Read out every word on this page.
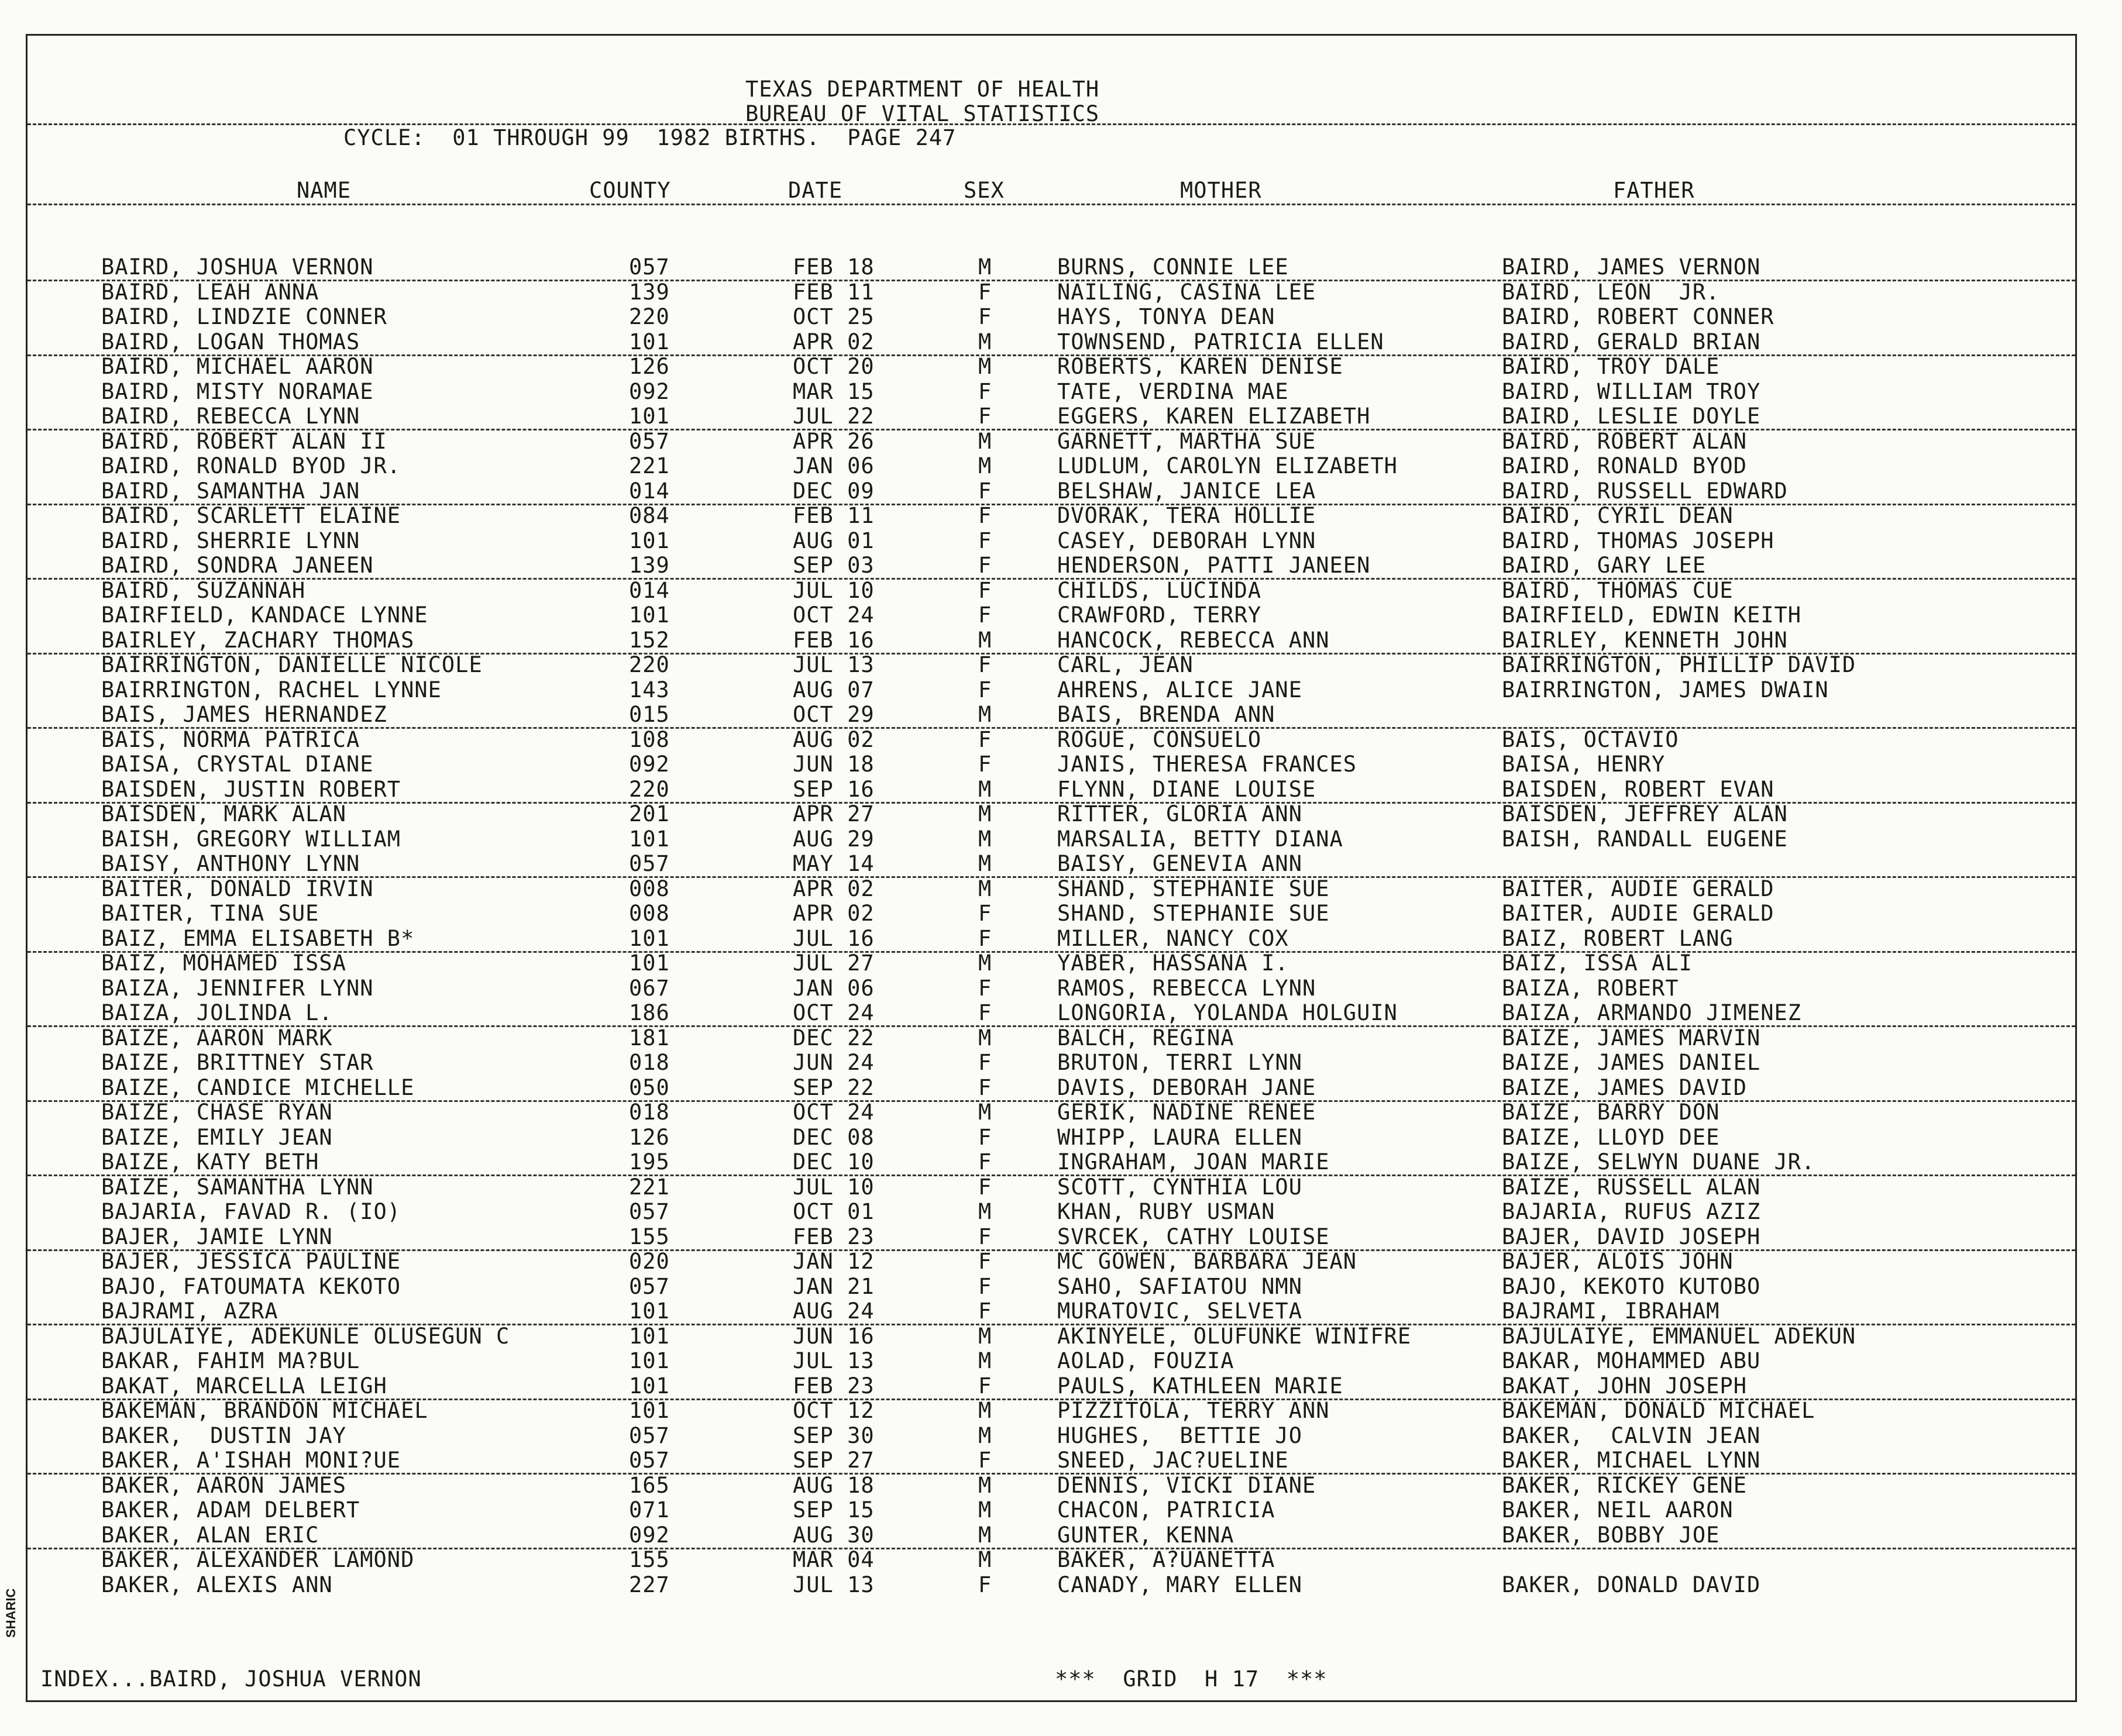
TEXAS DEPARTMENT OF HEALTH
BUREAU OF VITAL STATISTICS
CYCLE:  01 THROUGH 99  1982 BIRTHS.  PAGE 247
NAME	COUNTY	DATE	SEX	MOTHER	FATHER
BAIRD, JOSHUA VERNON	057	FEB 18	M	BURNS, CONNIE LEE	BAIRD, JAMES VERNON
BAIRD, LEAH ANNA	139	FEB 11	F	NAILING, CASINA LEE	BAIRD, LEON  JR.
BAIRD, LINDZIE CONNER	220	OCT 25	F	HAYS, TONYA DEAN	BAIRD, ROBERT CONNER
BAIRD, LOGAN THOMAS	101	APR 02	M	TOWNSEND, PATRICIA ELLEN	BAIRD, GERALD BRIAN
BAIRD, MICHAEL AARON	126	OCT 20	M	ROBERTS, KAREN DENISE	BAIRD, TROY DALE
BAIRD, MISTY NORAMAE	092	MAR 15	F	TATE, VERDINA MAE	BAIRD, WILLIAM TROY
BAIRD, REBECCA LYNN	101	JUL 22	F	EGGERS, KAREN ELIZABETH	BAIRD, LESLIE DOYLE
BAIRD, ROBERT ALAN II	057	APR 26	M	GARNETT, MARTHA SUE	BAIRD, ROBERT ALAN
BAIRD, RONALD BYOD JR.	221	JAN 06	M	LUDLUM, CAROLYN ELIZABETH	BAIRD, RONALD BYOD
BAIRD, SAMANTHA JAN	014	DEC 09	F	BELSHAW, JANICE LEA	BAIRD, RUSSELL EDWARD
BAIRD, SCARLETT ELAINE	084	FEB 11	F	DVORAK, TERA HOLLIE	BAIRD, CYRIL DEAN
BAIRD, SHERRIE LYNN	101	AUG 01	F	CASEY, DEBORAH LYNN	BAIRD, THOMAS JOSEPH
BAIRD, SONDRA JANEEN	139	SEP 03	F	HENDERSON, PATTI JANEEN	BAIRD, GARY LEE
BAIRD, SUZANNAH	014	JUL 10	F	CHILDS, LUCINDA	BAIRD, THOMAS CUE
BAIRFIELD, KANDACE LYNNE	101	OCT 24	F	CRAWFORD, TERRY	BAIRFIELD, EDWIN KEITH
BAIRLEY, ZACHARY THOMAS	152	FEB 16	M	HANCOCK, REBECCA ANN	BAIRLEY, KENNETH JOHN
BAIRRINGTON, DANIELLE NICOLE	220	JUL 13	F	CARL, JEAN	BAIRRINGTON, PHILLIP DAVID
BAIRRINGTON, RACHEL LYNNE	143	AUG 07	F	AHRENS, ALICE JANE	BAIRRINGTON, JAMES DWAIN
BAIS, JAMES HERNANDEZ	015	OCT 29	M	BAIS, BRENDA ANN
BAIS, NORMA PATRICA	108	AUG 02	F	ROGUE, CONSUELO	BAIS, OCTAVIO
BAISA, CRYSTAL DIANE	092	JUN 18	F	JANIS, THERESA FRANCES	BAISA, HENRY
BAISDEN, JUSTIN ROBERT	220	SEP 16	M	FLYNN, DIANE LOUISE	BAISDEN, ROBERT EVAN
BAISDEN, MARK ALAN	201	APR 27	M	RITTER, GLORIA ANN	BAISDEN, JEFFREY ALAN
BAISH, GREGORY WILLIAM	101	AUG 29	M	MARSALIA, BETTY DIANA	BAISH, RANDALL EUGENE
BAISY, ANTHONY LYNN	057	MAY 14	M	BAISY, GENEVIA ANN
BAITER, DONALD IRVIN	008	APR 02	M	SHAND, STEPHANIE SUE	BAITER, AUDIE GERALD
BAITER, TINA SUE	008	APR 02	F	SHAND, STEPHANIE SUE	BAITER, AUDIE GERALD
BAIZ, EMMA ELISABETH B*	101	JUL 16	F	MILLER, NANCY COX	BAIZ, ROBERT LANG
BAIZ, MOHAMED ISSA	101	JUL 27	M	YABER, HASSANA I.	BAIZ, ISSA ALI
BAIZA, JENNIFER LYNN	067	JAN 06	F	RAMOS, REBECCA LYNN	BAIZA, ROBERT
BAIZA, JOLINDA L.	186	OCT 24	F	LONGORIA, YOLANDA HOLGUIN	BAIZA, ARMANDO JIMENEZ
BAIZE, AARON MARK	181	DEC 22	M	BALCH, REGINA	BAIZE, JAMES MARVIN
BAIZE, BRITTNEY STAR	018	JUN 24	F	BRUTON, TERRI LYNN	BAIZE, JAMES DANIEL
BAIZE, CANDICE MICHELLE	050	SEP 22	F	DAVIS, DEBORAH JANE	BAIZE, JAMES DAVID
BAIZE, CHASE RYAN	018	OCT 24	M	GERIK, NADINE RENEE	BAIZE, BARRY DON
BAIZE, EMILY JEAN	126	DEC 08	F	WHIPP, LAURA ELLEN	BAIZE, LLOYD DEE
BAIZE, KATY BETH	195	DEC 10	F	INGRAHAM, JOAN MARIE	BAIZE, SELWYN DUANE JR.
BAIZE, SAMANTHA LYNN	221	JUL 10	F	SCOTT, CYNTHIA LOU	BAIZE, RUSSELL ALAN
BAJARIA, FAVAD R. (IO)	057	OCT 01	M	KHAN, RUBY USMAN	BAJARIA, RUFUS AZIZ
BAJER, JAMIE LYNN	155	FEB 23	F	SVRCEK, CATHY LOUISE	BAJER, DAVID JOSEPH
BAJER, JESSICA PAULINE	020	JAN 12	F	MC GOWEN, BARBARA JEAN	BAJER, ALOIS JOHN
BAJO, FATOUMATA KEKOTO	057	JAN 21	F	SAHO, SAFIATOU NMN	BAJO, KEKOTO KUTOBO
BAJRAMI, AZRA	101	AUG 24	F	MURATOVIC, SELVETA	BAJRAMI, IBRAHAM
BAJULAIYE, ADEKUNLE OLUSEGUN C	101	JUN 16	M	AKINYELE, OLUFUNKE WINIFRE	BAJULAIYE, EMMANUEL ADEKUN
BAKAR, FAHIM MA?BUL	101	JUL 13	M	AOLAD, FOUZIA	BAKAR, MOHAMMED ABU
BAKAT, MARCELLA LEIGH	101	FEB 23	F	PAULS, KATHLEEN MARIE	BAKAT, JOHN JOSEPH
BAKEMAN, BRANDON MICHAEL	101	OCT 12	M	PIZZITOLA, TERRY ANN	BAKEMAN, DONALD MICHAEL
BAKER,  DUSTIN JAY	057	SEP 30	M	HUGHES,  BETTIE JO	BAKER,  CALVIN JEAN
BAKER, A'ISHAH MONI?UE	057	SEP 27	F	SNEED, JAC?UELINE	BAKER, MICHAEL LYNN
BAKER, AARON JAMES	165	AUG 18	M	DENNIS, VICKI DIANE	BAKER, RICKEY GENE
BAKER, ADAM DELBERT	071	SEP 15	M	CHACON, PATRICIA	BAKER, NEIL AARON
BAKER, ALAN ERIC	092	AUG 30	M	GUNTER, KENNA	BAKER, BOBBY JOE
BAKER, ALEXANDER LAMOND	155	MAR 04	M	BAKER, A?UANETTA
BAKER, ALEXIS ANN	227	JUL 13	F	CANADY, MARY ELLEN	BAKER, DONALD DAVID
INDEX...BAIRD, JOSHUA VERNON	***  GRID  H 17  ***
SHARIC
